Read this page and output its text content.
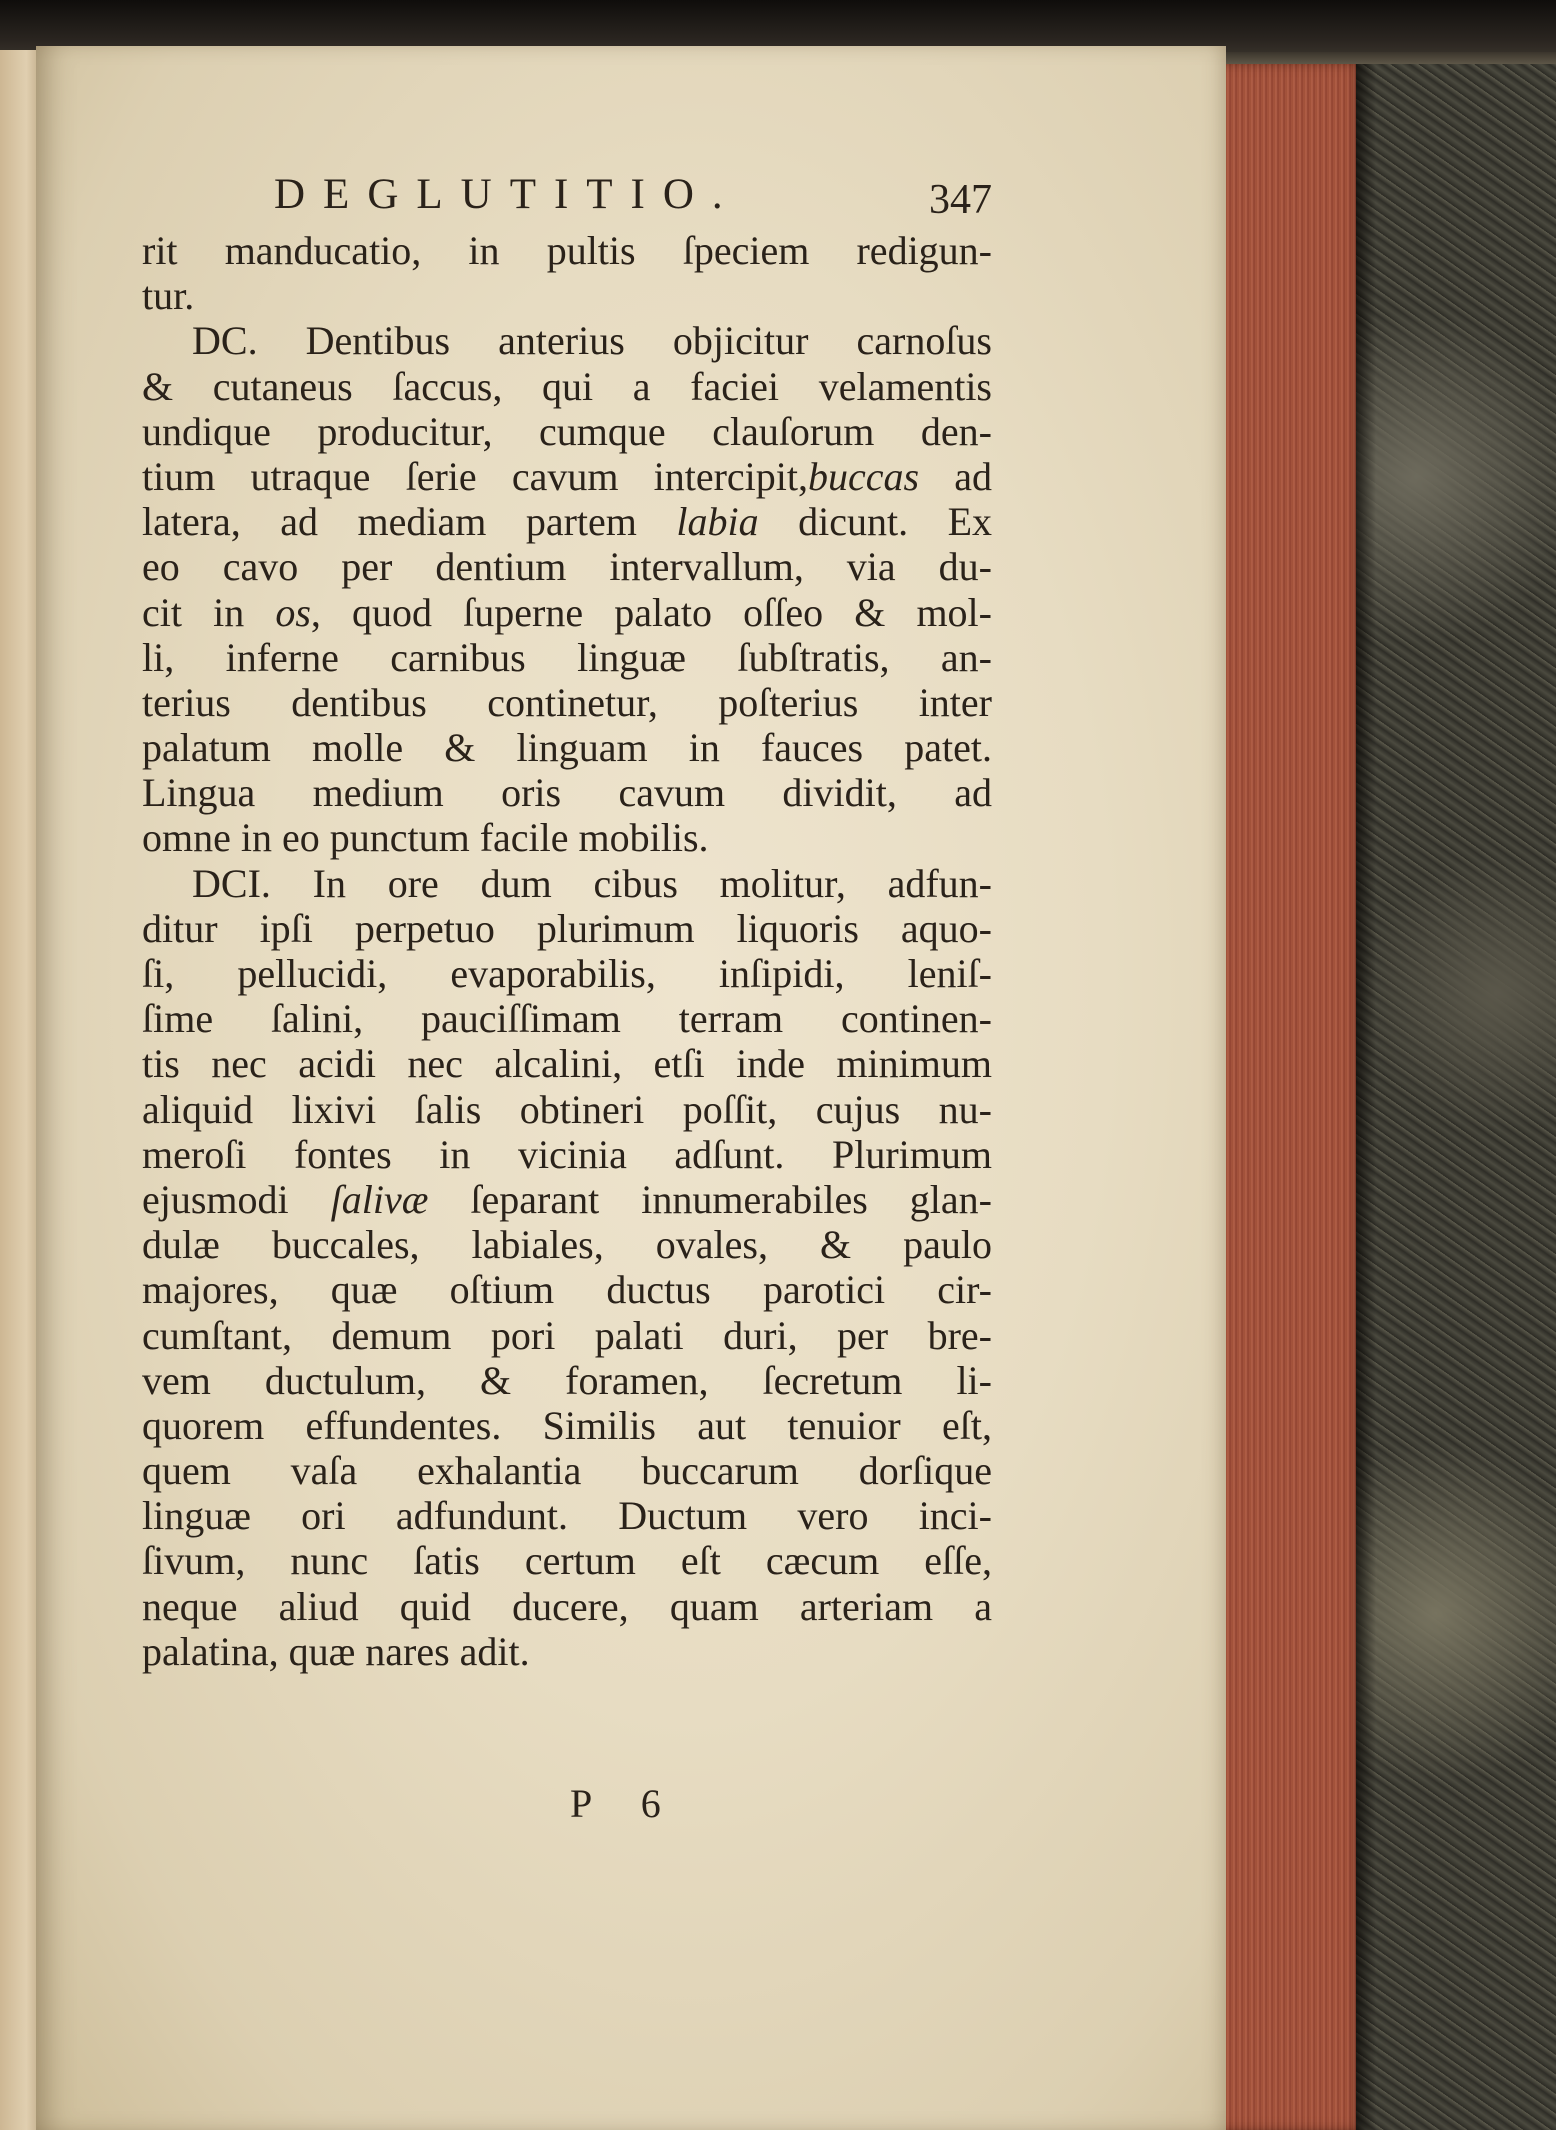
DEGLUTITIO.	347
rit manducatio, in pultis ſpeciem redigun-
tur.
DC. Dentibus anterius objicitur carnoſus
& cutaneus ſaccus, qui a faciei velamentis
undique producitur, cumque clauſorum den-
tium utraque ſerie cavum intercipit,buccas ad
latera, ad mediam partem labia dicunt. Ex
eo cavo per dentium intervallum, via du-
cit in os, quod ſuperne palato oſſeo & mol-
li, inferne carnibus linguæ ſubſtratis, an-
terius dentibus continetur, poſterius inter
palatum molle & linguam in fauces patet.
Lingua medium oris cavum dividit, ad
omne in eo punctum facile mobilis.
DCI. In ore dum cibus molitur, adfun-
ditur ipſi perpetuo plurimum liquoris aquo-
ſi, pellucidi, evaporabilis, inſipidi, leniſ-
ſime ſalini, pauciſſimam terram continen-
tis nec acidi nec alcalini, etſi inde minimum
aliquid lixivi ſalis obtineri poſſit, cujus nu-
meroſi fontes in vicinia adſunt. Plurimum
ejusmodi ſalivæ ſeparant innumerabiles glan-
dulæ buccales, labiales, ovales, & paulo
majores, quæ oſtium ductus parotici cir-
cumſtant, demum pori palati duri, per bre-
vem ductulum, & foramen, ſecretum li-
quorem effundentes. Similis aut tenuior eſt,
quem vaſa exhalantia buccarum dorſique
linguæ ori adfundunt. Ductum vero inci-
ſivum, nunc ſatis certum eſt cæcum eſſe,
neque aliud quid ducere, quam arteriam a
palatina, quæ nares adit.
P 6
